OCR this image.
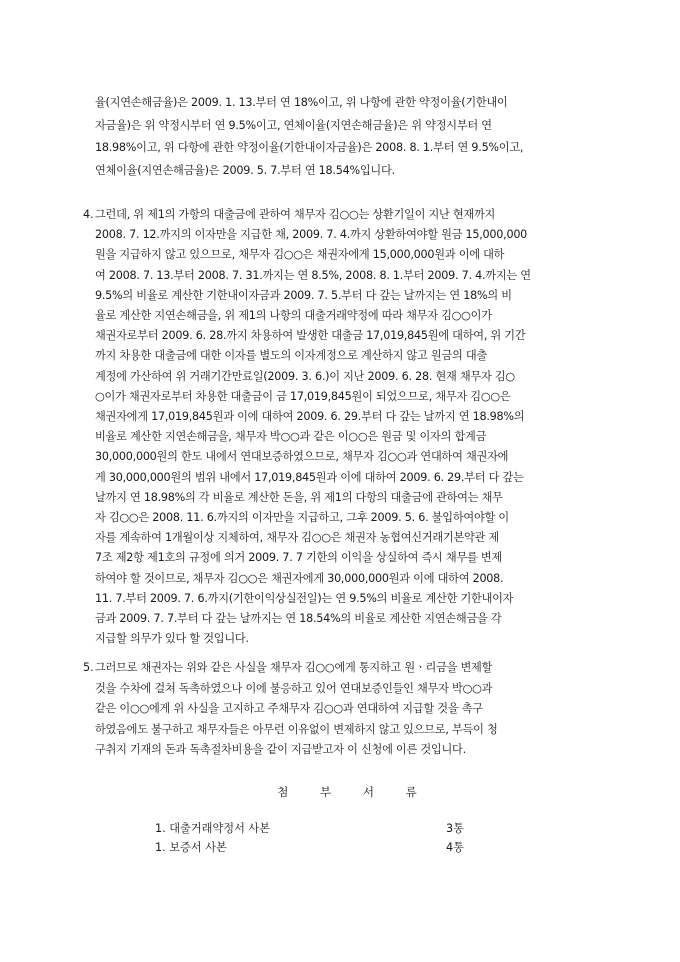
율(지연손해금율)은 2009. 1. 13.부터 연 18%이고, 위 나항에 관한 약정이율(기한내이
자금율)은 위 약정시부터 연 9.5%이고, 연체이율(지연손해금율)은 위 약정시부터 연
18.98%이고, 위 다항에 관한 약정이율(기한내이자금율)은 2008. 8. 1.부터 연 9.5%이고,
연체이율(지연손해금율)은 2009. 5. 7.부터 연 18.54%입니다.
4. 그런데, 위 제1의 가항의 대출금에 관하여 채무자 김○○는 상환기일이 지난 현재까지
2008. 7. 12.까지의 이자만을 지급한 채, 2009. 7. 4.까지 상환하여야할 원금 15,000,000
원을 지급하지 않고 있으므로, 채무자 김○○은 채권자에게 15,000,000원과 이에 대하
여 2008. 7. 13.부터 2008. 7. 31.까지는 연 8.5%, 2008. 8. 1.부터 2009. 7. 4.까지는 연
9.5%의 비율로 계산한 기한내이자금과 2009. 7. 5.부터 다 갚는 날까지는 연 18%의 비
율로 계산한 지연손해금을, 위 제1의 나항의 대출거래약정에 따라 채무자 김○○이가
채권자로부터 2009. 6. 28.까지 차용하여 발생한 대출금 17,019,845원에 대하여, 위 기간
까지 차용한 대출금에 대한 이자를 별도의 이자계정으로 계산하지 않고 원금의 대출
계정에 가산하여 위 거래기간만료일(2009. 3. 6.)이 지난 2009. 6. 28. 현재 채무자 김○
○이가 채권자로부터 차용한 대출금이 금 17,019,845원이 되었으므로, 채무자 김○○은
채권자에게 17,019,845원과 이에 대하여 2009. 6. 29.부터 다 갚는 날까지 연 18.98%의
비율로 계산한 지연손해금을, 채무자 박○○과 같은 이○○은 원금 및 이자의 합계금
30,000,000원의 한도 내에서 연대보증하였으므로, 채무자 김○○과 연대하여 채권자에
게 30,000,000원의 범위 내에서 17,019,845원과 이에 대하여 2009. 6. 29.부터 다 갚는
날까지 연 18.98%의 각 비율로 계산한 돈을, 위 제1의 다항의 대출금에 관하여는 채무
자 김○○은 2008. 11. 6.까지의 이자만을 지급하고, 그후 2009. 5. 6. 불입하여야할 이
자를 계속하여 1개월이상 지체하여, 채무자 김○○은 채권자 농협여신거래기본약관 제
7조 제2항 제1호의 규정에 의거 2009. 7. 7 기한의 이익을 상실하여 즉시 채무를 변제
하여야 할 것이므로, 채무자 김○○은 채권자에게 30,000,000원과 이에 대하여 2008.
11. 7.부터 2009. 7. 6.까지(기한이익상실전일)는 연 9.5%의 비율로 계산한 기한내이자
금과 2009. 7. 7.부터 다 갚는 날까지는 연 18.54%의 비율로 계산한 지연손해금을 각
지급할 의무가 있다 할 것입니다.
첨 부 서 류
1. 대출거래약정서 사본	3통
1. 보증서 사본	4통
5. 그러므로 채권자는 위와 같은 사실을 채무자 김○○에게 통지하고 원ㆍ리금을 변제할
것을 수차에 걸쳐 독촉하였으나 이에 불응하고 있어 연대보증인들인 채무자 박○○과
같은 이○○에게 위 사실을 고지하고 주채무자 김○○과 연대하여 지급할 것을 촉구
하였음에도 불구하고 채무자들은 아무런 이유없이 변제하지 않고 있으므로, 부득이 청
구취지 기재의 돈과 독촉절차비용을 같이 지급받고자 이 신청에 이른 것입니다.
